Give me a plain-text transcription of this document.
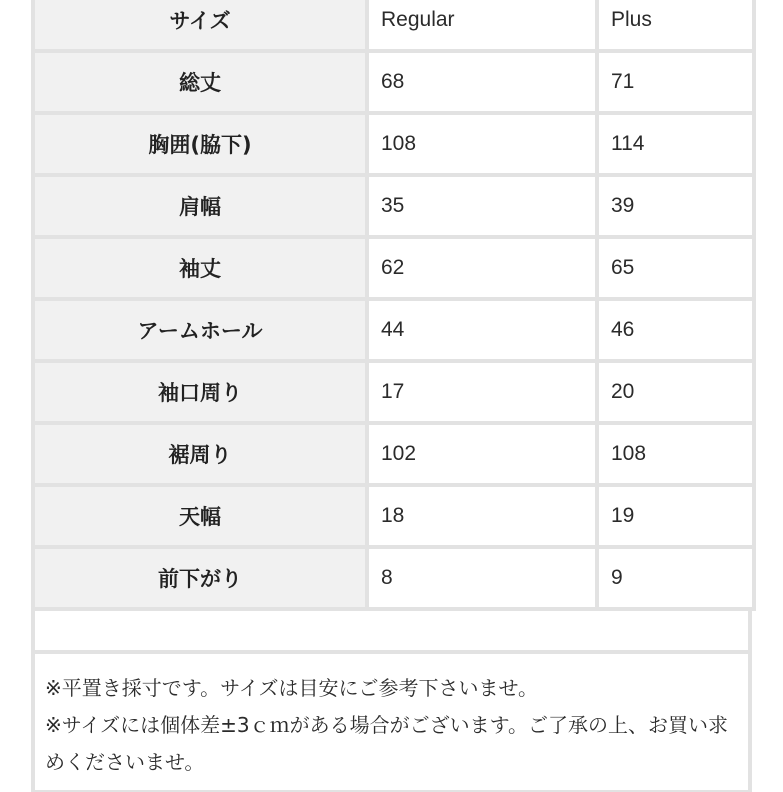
サイズ	Regular	Plus
総丈	68	71
胸囲(脇下)	108	114
肩幅	35	39
袖丈	62	65
アームホール	44	46
袖口周り	17	20
裾周り	102	108
天幅	18	19
前下がり	8	9
※平置き採寸です。サイズは目安にご参考下さいませ。
※サイズには個体差±3ｃｍがある場合がございます。ご了承の上、お買い求めくださいませ。
